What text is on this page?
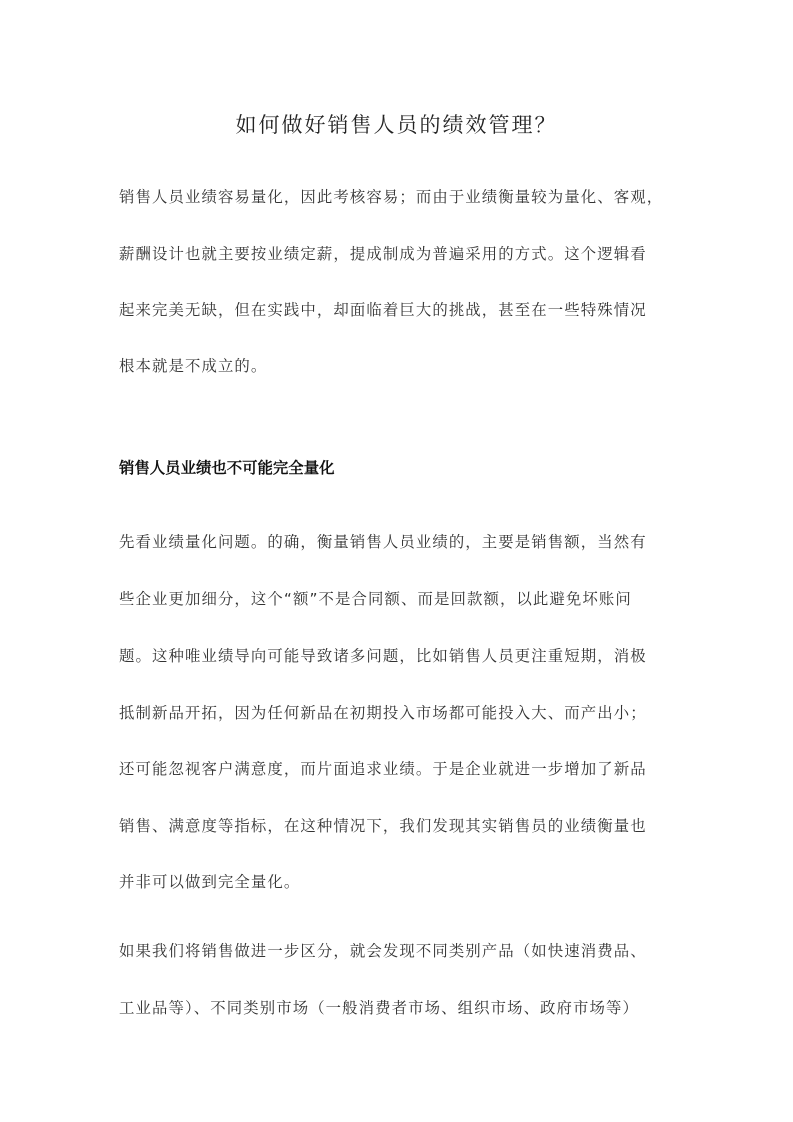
如何做好销售人员的绩效管理？
销售人员业绩容易量化，因此考核容易；而由于业绩衡量较为量化、客观，
薪酬设计也就主要按业绩定薪，提成制成为普遍采用的方式。这个逻辑看
起来完美无缺，但在实践中，却面临着巨大的挑战，甚至在一些特殊情况
根本就是不成立的。
销售人员业绩也不可能完全量化
先看业绩量化问题。的确，衡量销售人员业绩的，主要是销售额，当然有
些企业更加细分，这个“额”不是合同额、而是回款额，以此避免坏账问
题。这种唯业绩导向可能导致诸多问题，比如销售人员更注重短期，消极
抵制新品开拓，因为任何新品在初期投入市场都可能投入大、而产出小；
还可能忽视客户满意度，而片面追求业绩。于是企业就进一步增加了新品
销售、满意度等指标，在这种情况下，我们发现其实销售员的业绩衡量也
并非可以做到完全量化。
如果我们将销售做进一步区分，就会发现不同类别产品（如快速消费品、
工业品等）、不同类别市场（一般消费者市场、组织市场、政府市场等）
